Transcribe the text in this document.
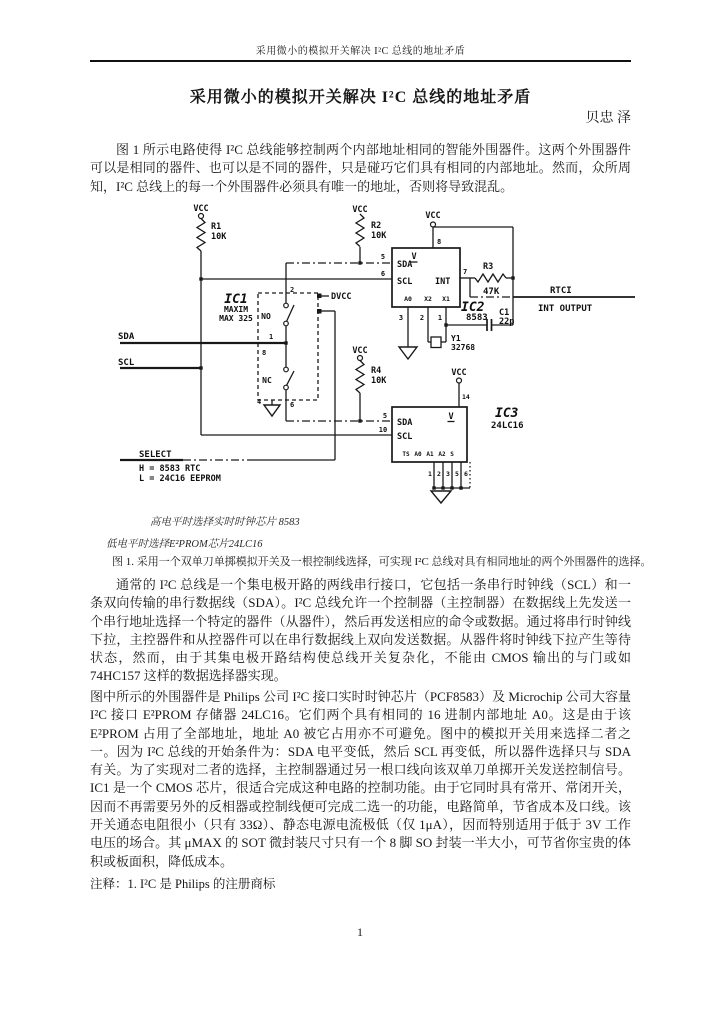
采用微小的模拟开关解决 I²C 总线的地址矛盾
采用微小的模拟开关解决 I²C 总线的地址矛盾
贝忠 泽
图 1 所示电路使得 I²C 总线能够控制两个内部地址相同的智能外围器件。这两个外围器件可以是相同的器件、也可以是不同的器件，只是碰巧它们具有相同的内部地址。然而，众所周知，I²C 总线上的每一个外围器件必须具有唯一的地址，否则将导致混乱。
VCC
R1
10K
SDA
SCL
IC1
MAXIM
MAX 325
2
NO
1
8
NC
6
4
DVCC
SELECT
H = 8583 RTC
L = 24C16 EEPROM
5
6
VCC
R2
10K
SDA
SCL	INT
V
A0 X2 X1
IC2
8583
VCC
8
3 2 1
Y1
32768
C1
22p
7 R3
47K	RTCI
INT OUTPUT
VCC
R4
10K
5
SDA
10
SCL
V	IC3
24LC16
VCC
14
TS A0 A1 A2 S
1 2 3 5 6
高电平时选择实时时钟芯片 8583
低电平时选择E²PROM芯片24LC16
图 1. 采用一个双单刀单掷模拟开关及一根控制线选择，可实现 I²C 总线对具有相同地址的两个外围器件的选择。
通常的 I²C 总线是一个集电极开路的两线串行接口，它包括一条串行时钟线（SCL）和一条双向传输的串行数据线（SDA）。I²C 总线允许一个控制器（主控制器）在数据线上先发送一个串行地址选择一个特定的器件（从器件），然后再发送相应的命令或数据。通过将串行时钟线下拉，主控器件和从控器件可以在串行数据线上双向发送数据。从器件将时钟线下拉产生等待状态，然而，由于其集电极开路结构使总线开关复杂化，不能由 CMOS 输出的与门或如 74HC157 这样的数据选择器实现。
图中所示的外围器件是 Philips 公司 I²C 接口实时时钟芯片（PCF8583）及 Microchip 公司大容量 I²C 接口 E²PROM 存储器 24LC16。它们两个具有相同的 16 进制内部地址 A0。这是由于该 E²PROM 占用了全部地址，地址 A0 被它占用亦不可避免。图中的模拟开关用来选择二者之一。因为 I²C 总线的开始条件为：SDA 电平变低，然后 SCL 再变低，所以器件选择只与 SDA 有关。为了实现对二者的选择，主控制器通过另一根口线向该双单刀单掷开关发送控制信号。IC1 是一个 CMOS 芯片，很适合完成这种电路的控制功能。由于它同时具有常开、常闭开关，因而不再需要另外的反相器或控制线便可完成二选一的功能，电路简单，节省成本及口线。该开关通态电阻很小（只有 33Ω）、静态电源电流极低（仅 1μA），因而特别适用于低于 3V 工作电压的场合。其 μMAX 的 SOT 微封装尺寸只有一个 8 脚 SO 封装一半大小，可节省你宝贵的体积或板面积，降低成本。
注释：1. I²C 是 Philips 的注册商标
1
